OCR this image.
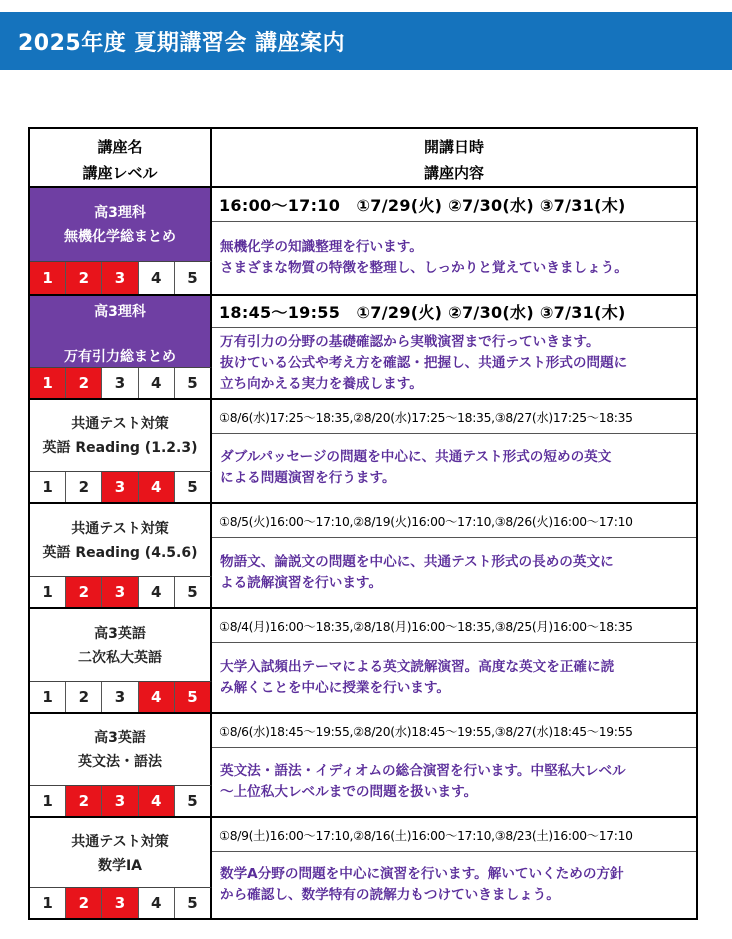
2025年度 夏期講習会 講座案内
講座名
講座レベル
開講日時
講座内容
高3理科
無機化学総まとめ
1	2	3	4	5
16:00～17:10　①7/29(火) ②7/30(水) ③7/31(木)
無機化学の知識整理を行います。
さまざまな物質の特徴を整理し、しっかりと覚えていきましょう。
高3理科
万有引力総まとめ
1	2	3	4	5
18:45～19:55　①7/29(火) ②7/30(水) ③7/31(木)
万有引力の分野の基礎確認から実戦演習まで行っていきます。
抜けている公式や考え方を確認・把握し、共通テスト形式の問題に
立ち向かえる実力を養成します。
共通テスト対策
英語 Reading (1.2.3)
1	2	3	4	5
①8/6(水)17:25～18:35,②8/20(水)17:25～18:35,③8/27(水)17:25～18:35
ダブルパッセージの問題を中心に、共通テスト形式の短めの英文
による問題演習を行うます。
共通テスト対策
英語 Reading (4.5.6)
1	2	3	4	5
①8/5(火)16:00～17:10,②8/19(火)16:00～17:10,③8/26(火)16:00～17:10
物語文、論説文の問題を中心に、共通テスト形式の長めの英文に
よる読解演習を行います。
高3英語
二次私大英語
1	2	3	4	5
①8/4(月)16:00～18:35,②8/18(月)16:00～18:35,③8/25(月)16:00～18:35
大学入試頻出テーマによる英文読解演習。高度な英文を正確に読
み解くことを中心に授業を行います。
高3英語
英文法・語法
1	2	3	4	5
①8/6(水)18:45～19:55,②8/20(水)18:45～19:55,③8/27(水)18:45～19:55
英文法・語法・イディオムの総合演習を行います。中堅私大レベル
～上位私大レベルまでの問題を扱います。
共通テスト対策
数学ⅠA
1	2	3	4	5
①8/9(土)16:00～17:10,②8/16(土)16:00～17:10,③8/23(土)16:00～17:10
数学A分野の問題を中心に演習を行います。解いていくための方針
から確認し、数学特有の読解力もつけていきましょう。
